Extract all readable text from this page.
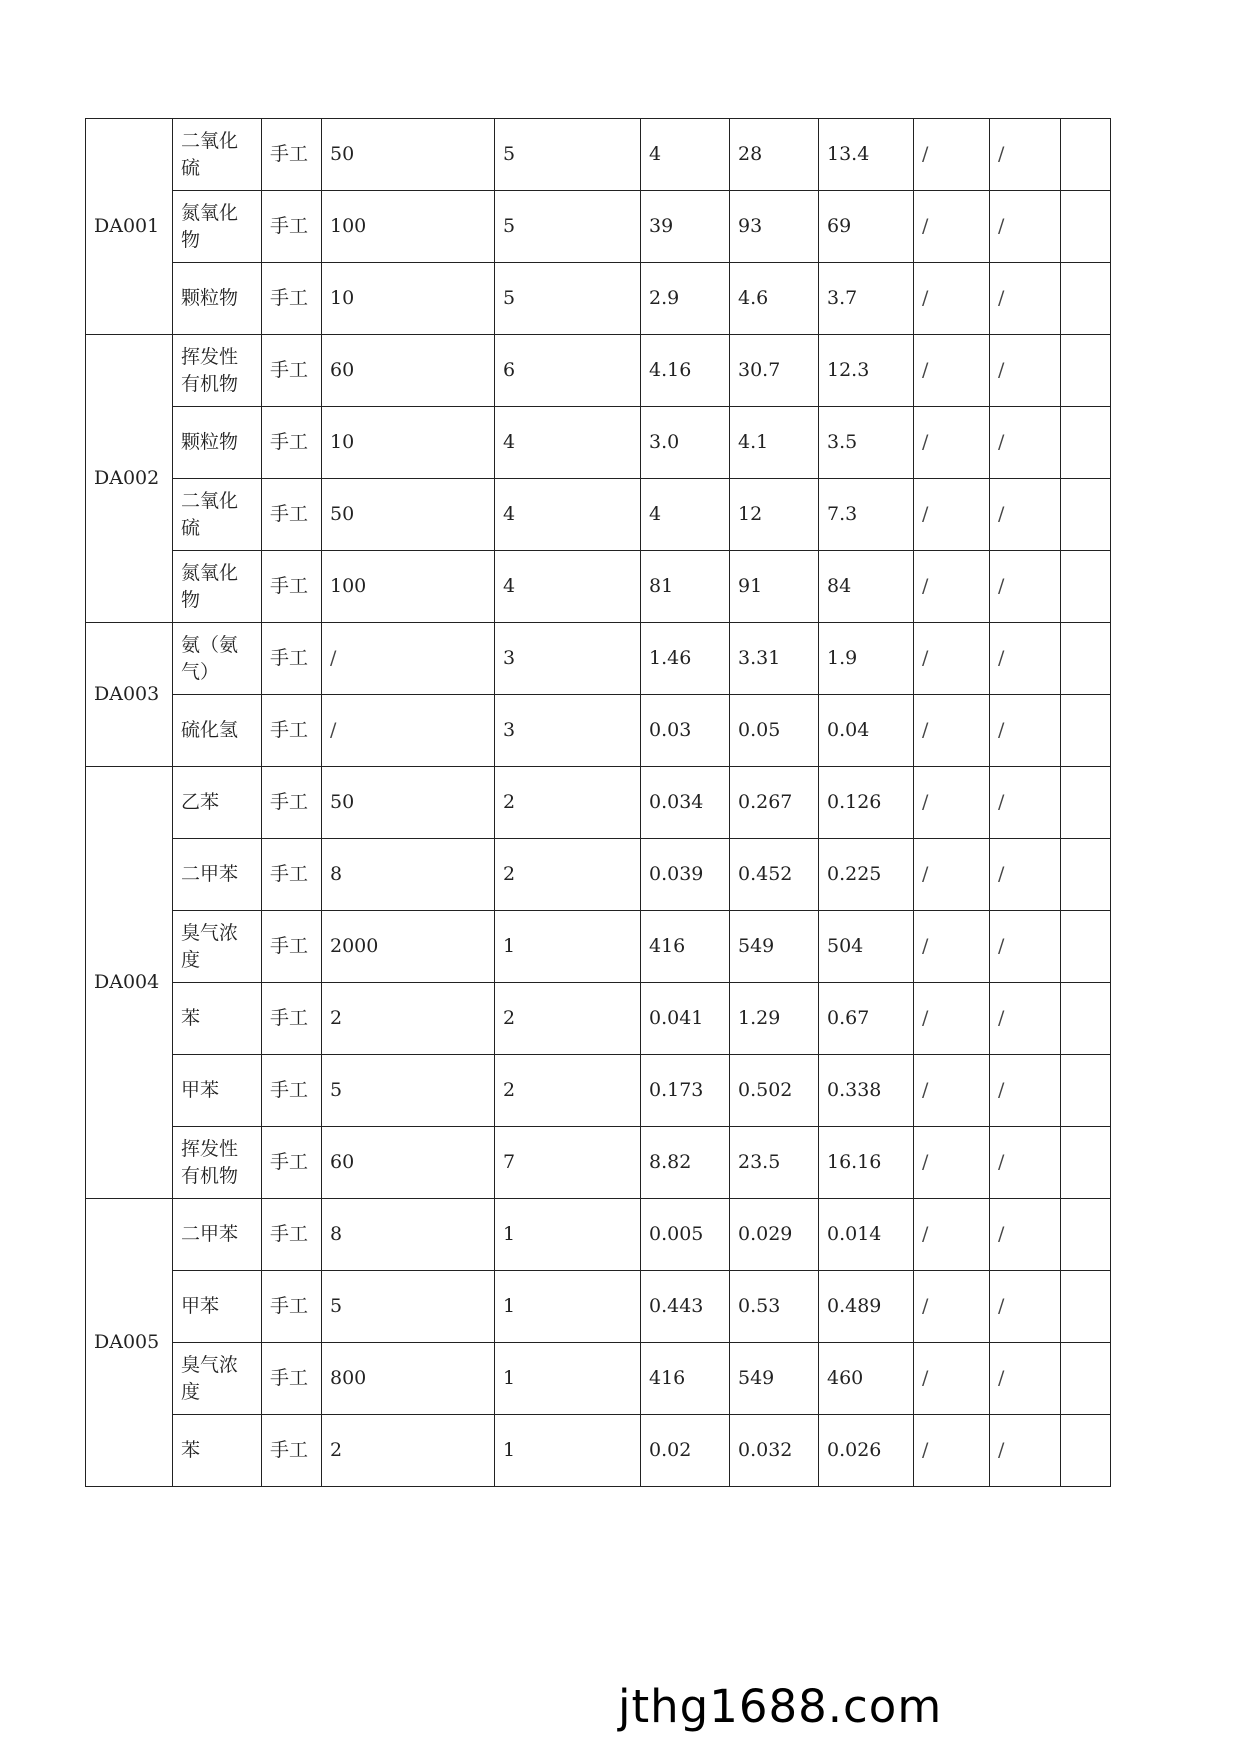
DA001	二氧化硫	手工	50	5	4	28	13.4	/	/	
	氮氧化物	手工	100	5	39	93	69	/	/	
	颗粒物	手工	10	5	2.9	4.6	3.7	/	/	
DA002	挥发性有机物	手工	60	6	4.16	30.7	12.3	/	/	
	颗粒物	手工	10	4	3.0	4.1	3.5	/	/	
	二氧化硫	手工	50	4	4	12	7.3	/	/	
	氮氧化物	手工	100	4	81	91	84	/	/	
DA003	氨（氨气）	手工	/	3	1.46	3.31	1.9	/	/	
	硫化氢	手工	/	3	0.03	0.05	0.04	/	/	
DA004	乙苯	手工	50	2	0.034	0.267	0.126	/	/	
	二甲苯	手工	8	2	0.039	0.452	0.225	/	/	
	臭气浓度	手工	2000	1	416	549	504	/	/	
	苯	手工	2	2	0.041	1.29	0.67	/	/	
	甲苯	手工	5	2	0.173	0.502	0.338	/	/	
	挥发性有机物	手工	60	7	8.82	23.5	16.16	/	/	
DA005	二甲苯	手工	8	1	0.005	0.029	0.014	/	/	
	甲苯	手工	5	1	0.443	0.53	0.489	/	/	
	臭气浓度	手工	800	1	416	549	460	/	/	
	苯	手工	2	1	0.02	0.032	0.026	/	/	
jthg1688.com
